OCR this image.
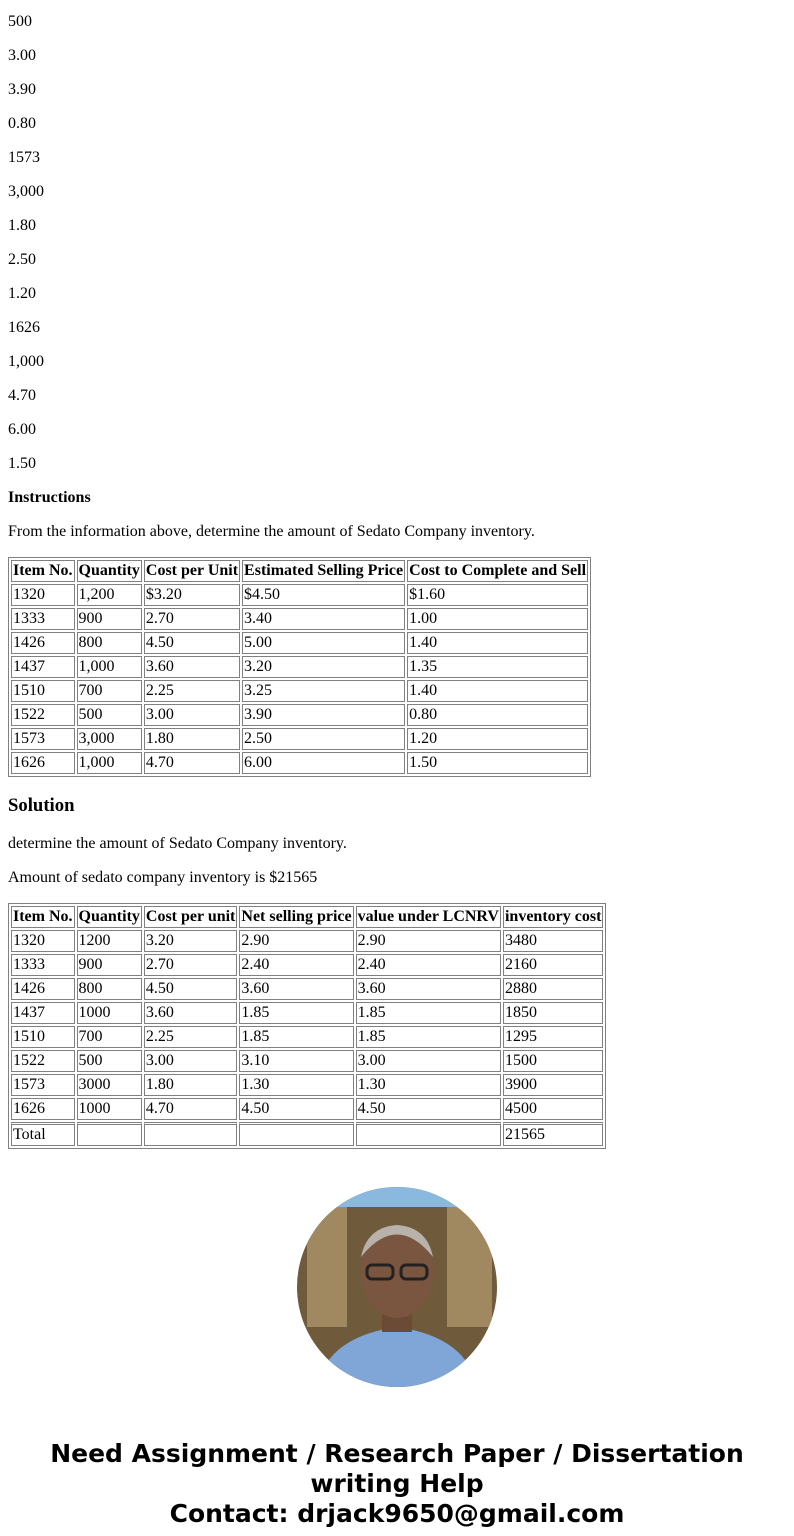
500

3.00

3.90

0.80

1573

3,000

1.80

2.50

1.20

1626

1,000

4.70

6.00

1.50

Instructions

From the information above, determine the amount of Sedato Company inventory.

Item No.	Quantity	Cost per Unit	Estimated Selling Price	Cost to Complete and Sell
1320	1,200	$3.20	$4.50	$1.60
1333	900	2.70	3.40	1.00
1426	800	4.50	5.00	1.40
1437	1,000	3.60	3.20	1.35
1510	700	2.25	3.25	1.40
1522	500	3.00	3.90	0.80
1573	3,000	1.80	2.50	1.20
1626	1,000	4.70	6.00	1.50
Solution

determine the amount of Sedato Company inventory.

Amount of sedato company inventory is $21565

Item No.	Quantity	Cost per unit	Net selling price	value under LCNRV	inventory cost
1320	1200	3.20	2.90	2.90	3480
1333	900	2.70	2.40	2.40	2160
1426	800	4.50	3.60	3.60	2880
1437	1000	3.60	1.85	1.85	1850
1510	700	2.25	1.85	1.85	1295
1522	500	3.00	3.10	3.00	1500
1573	3000	1.80	1.30	1.30	3900
1626	1000	4.70	4.50	4.50	4500
Total					21565
Need Assignment / Research Paper / Dissertation
writing Help
Contact: drjack9650@gmail.com
